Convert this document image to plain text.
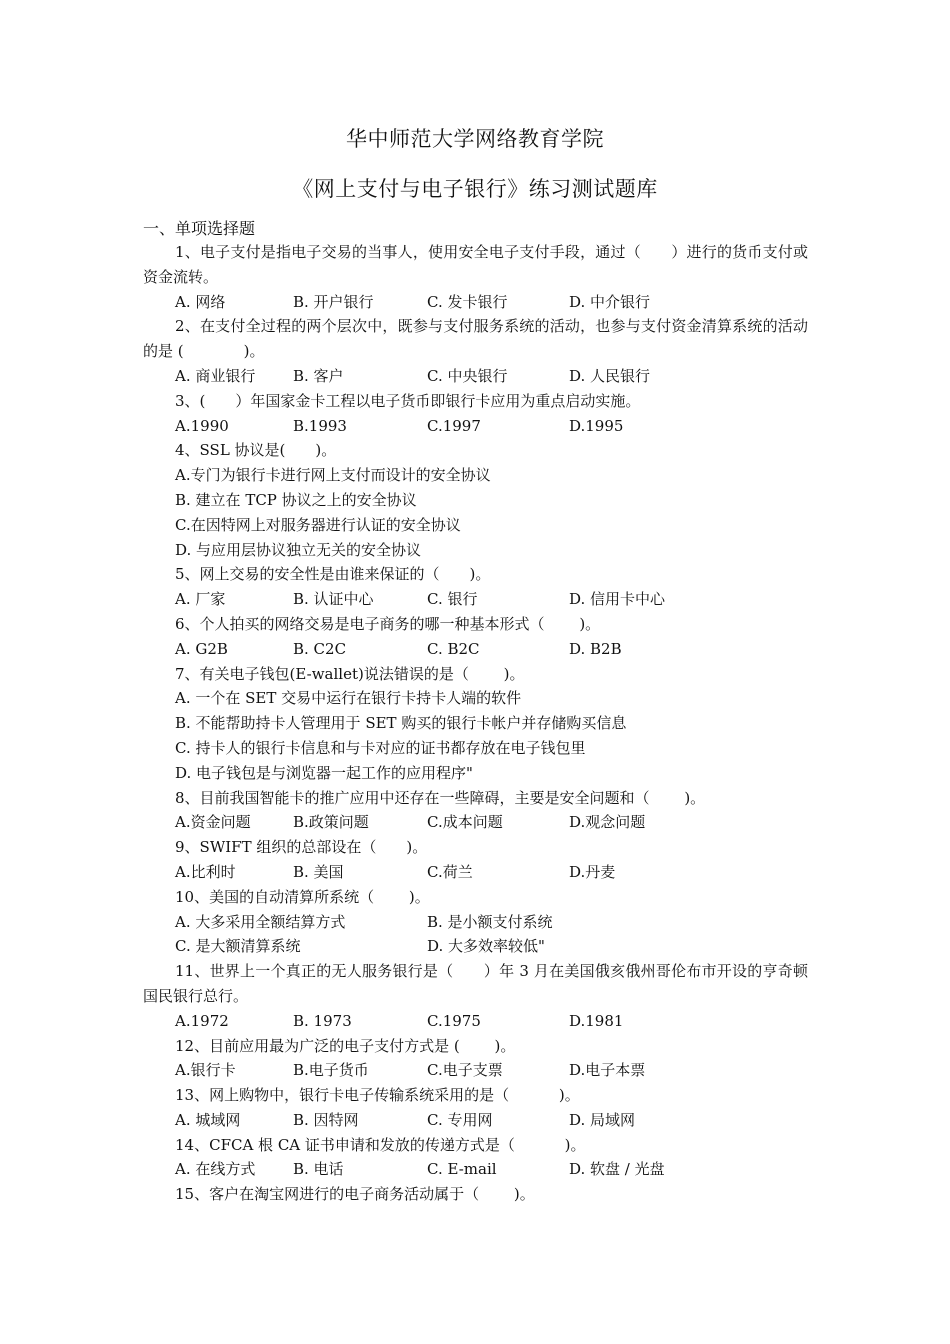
华中师范大学网络教育学院
《网上支付与电子银行》练习测试题库
一、单项选择题

1、电子支付是指电子交易的当事人，使用安全电子支付手段，通过（　　）进行的货币支付或资金流转。

A. 网络	B. 开户银行	C. 发卡银行	D. 中介银行

2、在支付全过程的两个层次中，既参与支付服务系统的活动，也参与支付资金清算系统的活动的是 (　　　　)。

A. 商业银行	B. 客户	C. 中央银行	D. 人民银行

3、(　　）年国家金卡工程以电子货币即银行卡应用为重点启动实施。

A.1990	B.1993	C.1997	D.1995

4、SSL 协议是(　　)。

A.专门为银行卡进行网上支付而设计的安全协议

B. 建立在 TCP 协议之上的安全协议

C.在因特网上对服务器进行认证的安全协议

D. 与应用层协议独立无关的安全协议

5、网上交易的安全性是由谁来保证的（　　)。

A. 厂家	B. 认证中心	C. 银行	D. 信用卡中心

6、个人拍买的网络交易是电子商务的哪一种基本形式（　　 )。

A. G2B	B. C2C	C. B2C	D. B2B

7、有关电子钱包(E-wallet)说法错误的是（　　 )。

A. 一个在 SET 交易中运行在银行卡持卡人端的软件

B. 不能帮助持卡人管理用于 SET 购买的银行卡帐户并存储购买信息

C. 持卡人的银行卡信息和与卡对应的证书都存放在电子钱包里

D. 电子钱包是与浏览器一起工作的应用程序"

8、目前我国智能卡的推广应用中还存在一些障碍，主要是安全问题和（　　 )。

A.资金问题	B.政策问题	C.成本问题	D.观念问题

9、SWIFT 组织的总部设在（　　)。

A.比利时	B. 美国	C.荷兰	D.丹麦

10、美国的自动清算所系统（　　 )。

A. 大多采用全额结算方式	B. 是小额支付系统
C. 是大额清算系统	D. 大多效率较低"

11、世界上一个真正的无人服务银行是（　　）年 3 月在美国俄亥俄州哥伦布市开设的亨奇顿国民银行总行。

A.1972	B. 1973	C.1975	D.1981

12、目前应用最为广泛的电子支付方式是 (　　 )。

A.银行卡	B.电子货币	C.电子支票	D.电子本票

13、网上购物中，银行卡电子传输系统采用的是（　　　 )。

A. 城域网	B. 因特网	C. 专用网	D. 局域网

14、CFCA 根 CA 证书申请和发放的传递方式是（　　　 )。

A. 在线方式	B. 电话	C. E-mail	D. 软盘 / 光盘

15、客户在淘宝网进行的电子商务活动属于（　　 )。
